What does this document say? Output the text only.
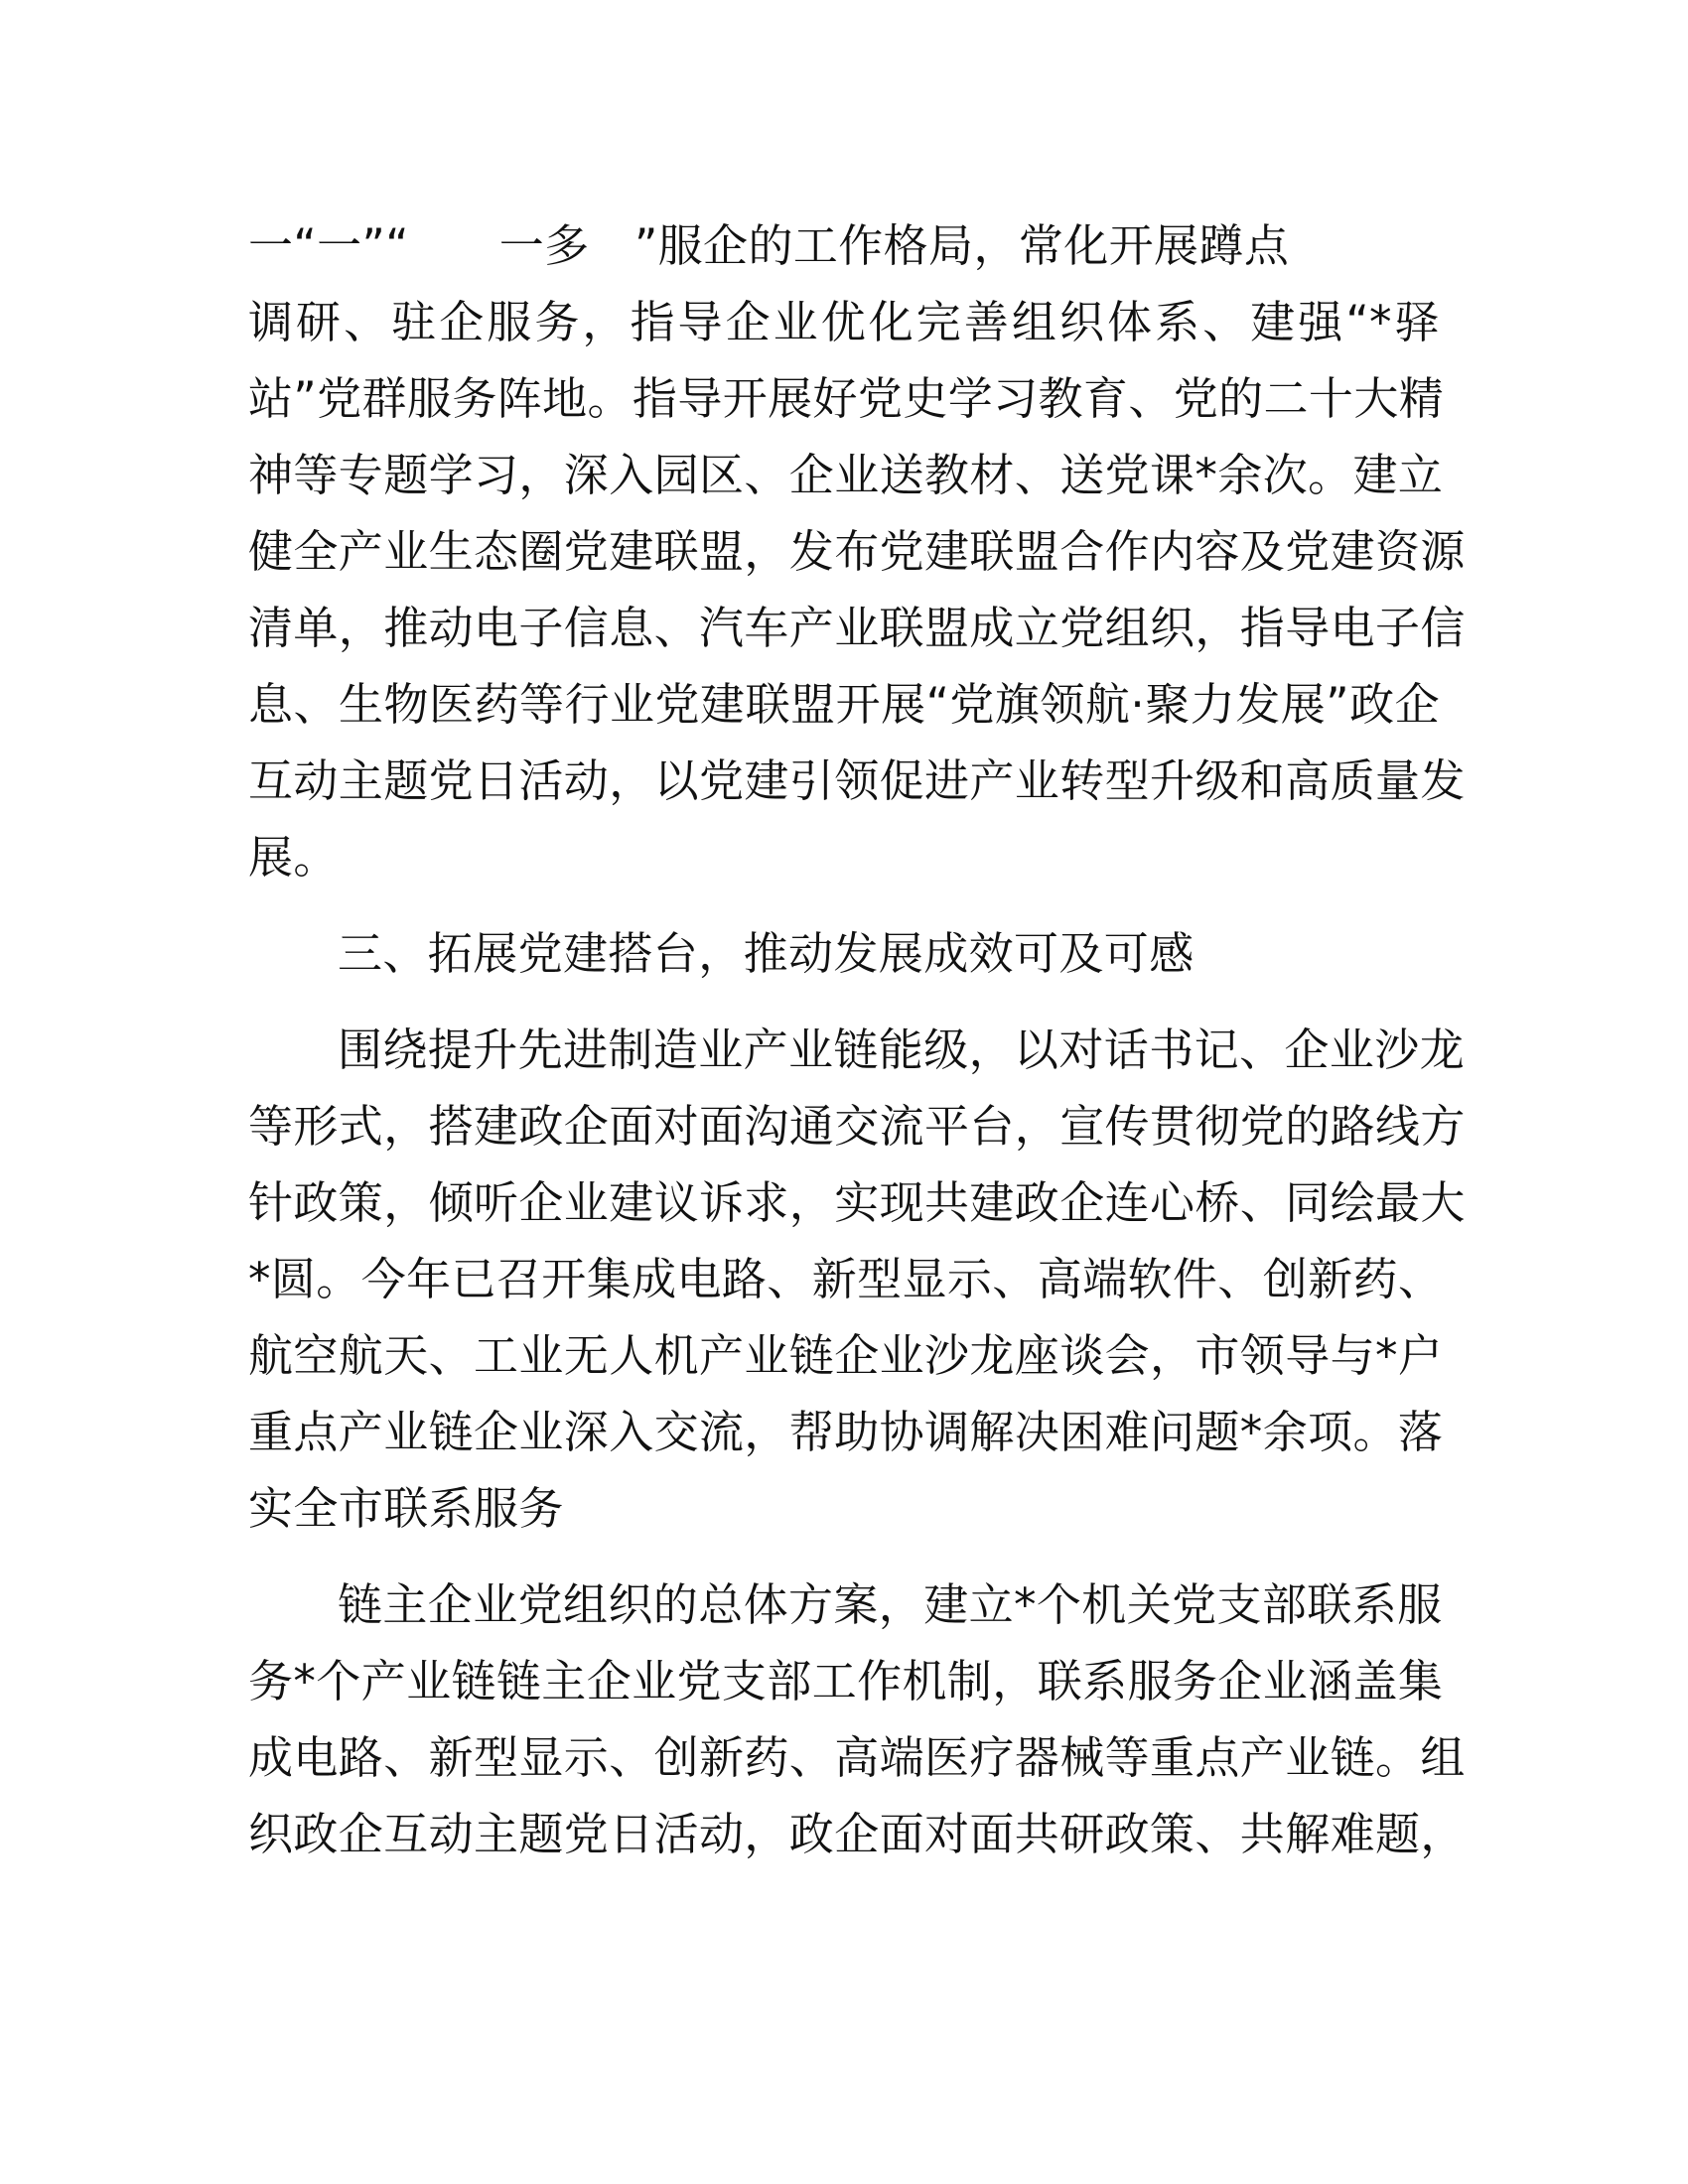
一“一”“　　一多　”服企的工作格局，常化开展蹲点
调研、驻企服务，指导企业优化完善组织体系、建强“*驿
站”党群服务阵地。指导开展好党史学习教育、党的二十大精
神等专题学习，深入园区、企业送教材、送党课*余次。建立
健全产业生态圈党建联盟，发布党建联盟合作内容及党建资源
清单，推动电子信息、汽车产业联盟成立党组织，指导电子信
息、生物医药等行业党建联盟开展“党旗领航·聚力发展”政企
互动主题党日活动，以党建引领促进产业转型升级和高质量发
展。
三、拓展党建搭台，推动发展成效可及可感
围绕提升先进制造业产业链能级，以对话书记、企业沙龙
等形式，搭建政企面对面沟通交流平台，宣传贯彻党的路线方
针政策，倾听企业建议诉求，实现共建政企连心桥、同绘最大
*圆。今年已召开集成电路、新型显示、高端软件、创新药、
航空航天、工业无人机产业链企业沙龙座谈会，市领导与*户
重点产业链企业深入交流，帮助协调解决困难问题*余项。落
实全市联系服务
链主企业党组织的总体方案，建立*个机关党支部联系服
务*个产业链链主企业党支部工作机制，联系服务企业涵盖集
成电路、新型显示、创新药、高端医疗器械等重点产业链。组
织政企互动主题党日活动，政企面对面共研政策、共解难题，
